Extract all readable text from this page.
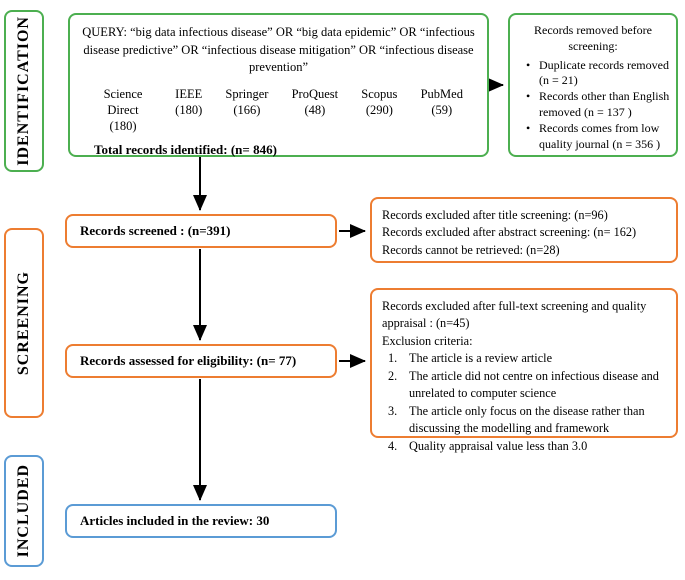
IDENTIFICATION
SCREENING
INCLUDED
QUERY: “big data infectious disease” OR “big data epidemic” OR “infectious disease predictive” OR “infectious disease mitigation” OR “infectious disease prevention”
Science Direct
(180)
IEEE
(180)
Springer
(166)
ProQuest
(48)
Scopus
(290)
PubMed
(59)
Total records identified: (n= 846)
Records removed before screening:
• Duplicate records removed (n = 21)
• Records other than English removed (n = 137 )
• Records comes from low quality journal (n = 356 )
Records screened : (n=391)
Records excluded after title screening: (n=96)
Records excluded after abstract screening: (n= 162)
Records cannot be retrieved: (n=28)
Records assessed for eligibility: (n= 77)
Records excluded after full-text screening and quality appraisal : (n=45)
Exclusion criteria:
The article is a review article
The article did not centre on infectious disease and unrelated to computer science
The article only focus on the disease rather than discussing the modelling and framework
Quality appraisal value less than 3.0
Articles included in the review: 30
